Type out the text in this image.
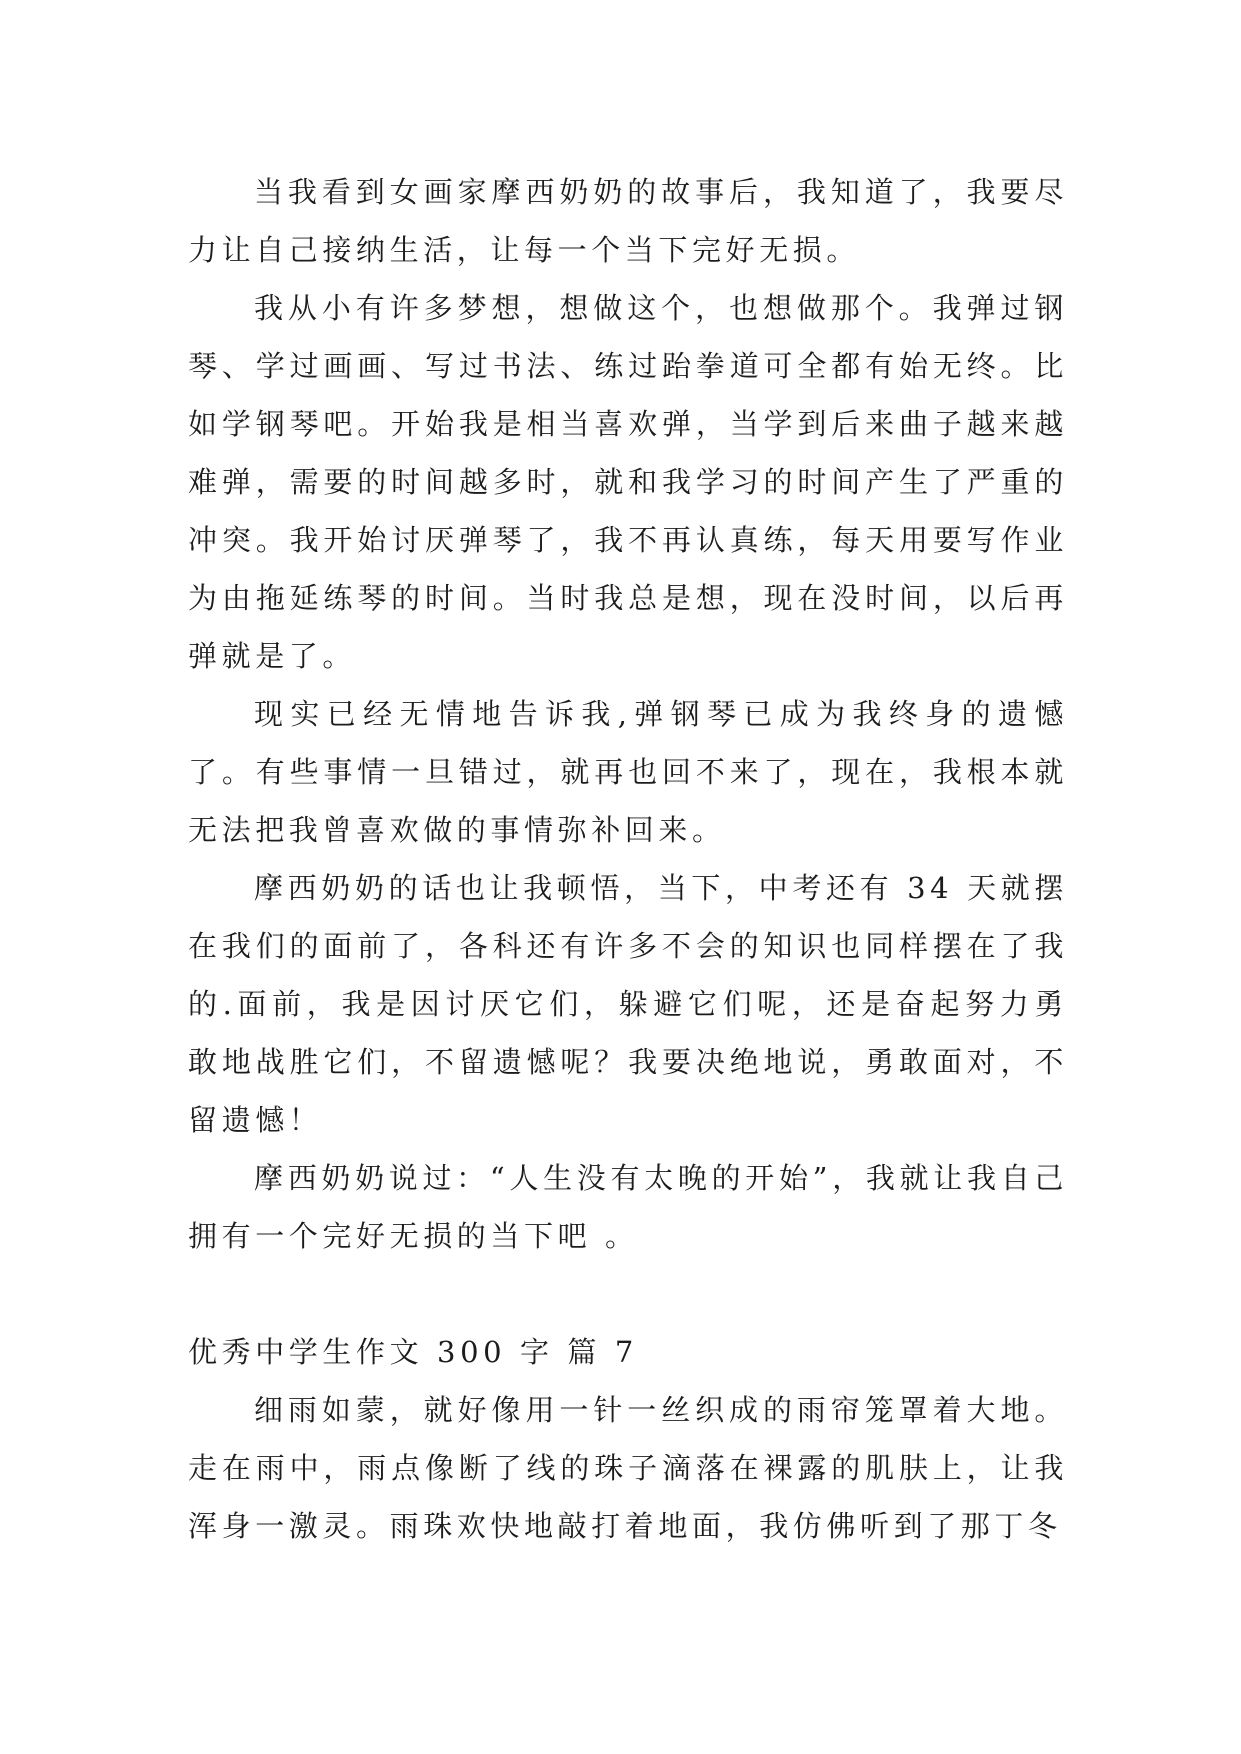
当我看到女画家摩西奶奶的故事后，我知道了，我要尽力让自己接纳生活，让每一个当下完好无损。

我从小有许多梦想，想做这个，也想做那个。我弹过钢琴、学过画画、写过书法、练过跆拳道可全都有始无终。比如学钢琴吧。开始我是相当喜欢弹，当学到后来曲子越来越难弹，需要的时间越多时，就和我学习的时间产生了严重的冲突。我开始讨厌弹琴了，我不再认真练，每天用要写作业为由拖延练琴的时间。当时我总是想，现在没时间，以后再弹就是了。

现实已经无情地告诉我,弹钢琴已成为我终身的遗憾了。有些事情一旦错过，就再也回不来了，现在，我根本就无法把我曾喜欢做的事情弥补回来。

摩西奶奶的话也让我顿悟，当下，中考还有 34 天就摆在我们的面前了，各科还有许多不会的知识也同样摆在了我的.面前，我是因讨厌它们，躲避它们呢，还是奋起努力勇敢地战胜它们，不留遗憾呢？我要决绝地说，勇敢面对，不留遗憾！

摩西奶奶说过：“人生没有太晚的开始”，我就让我自己拥有一个完好无损的当下吧 。

优秀中学生作文 300 字 篇 7

细雨如蒙，就好像用一针一丝织成的雨帘笼罩着大地。走在雨中，雨点像断了线的珠子滴落在裸露的肌肤上，让我浑身一激灵。雨珠欢快地敲打着地面，我仿佛听到了那丁冬
